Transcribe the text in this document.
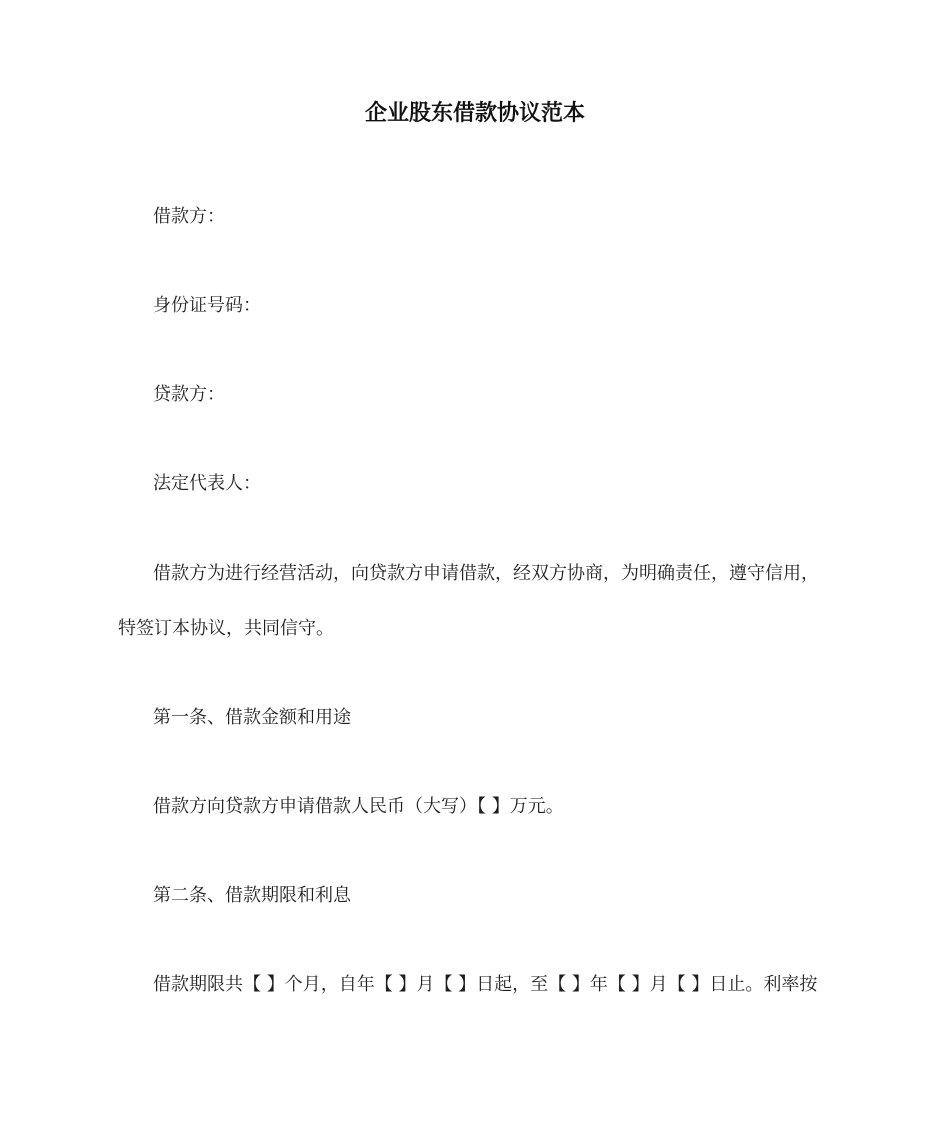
企业股东借款协议范本
借款方：
身份证号码：
贷款方：
法定代表人：
借款方为进行经营活动，向贷款方申请借款，经双方协商，为明确责任，遵守信用，
特签订本协议，共同信守。
第一条、借款金额和用途
借款方向贷款方申请借款人民币（大写）【 】万元。
第二条、借款期限和利息
借款期限共【 】个月，自年【 】月【 】日起，至【 】年【 】月【 】日止。利率按
